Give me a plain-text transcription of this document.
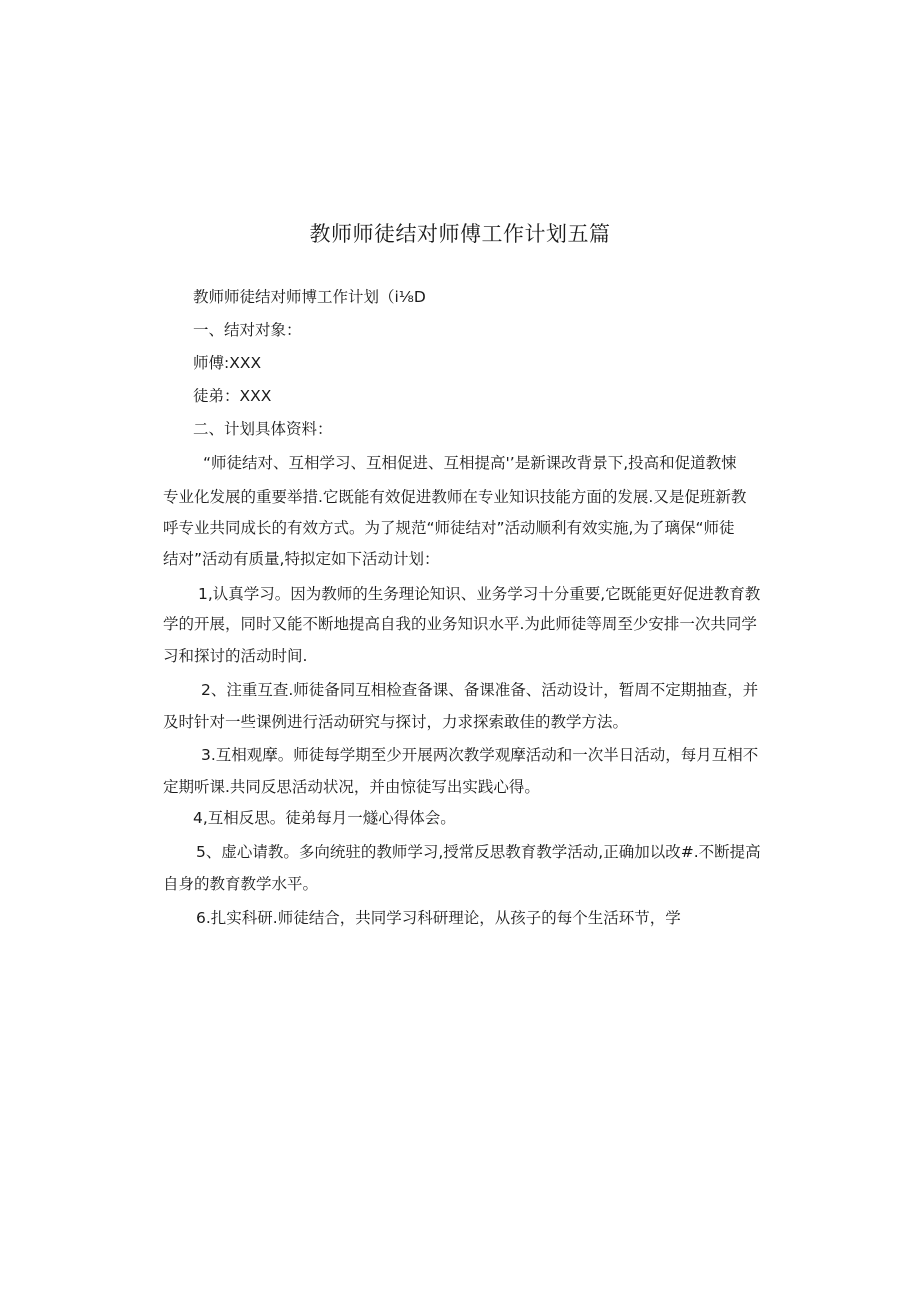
教师师徒结对师傅工作计划五篇
教师师徒结对师博工作计划（i⅛D
一、结对对象：
师傅:XXX
徒弟：XXX
二、计划具体资料：
“师徒结对、互相学习、互相促进、互相提高'’是新课改背景下,投高和促道教悚
专业化发展的重要举措.它既能有效促进教师在专业知识技能方面的发展.又是促班新教
呼专业共同成长的有效方式。为了规范“师徒结对”活动顺利有效实施,为了璃保“师徒
结对”活动有质量,特拟定如下活动计划：
1,认真学习。因为教师的生务理论知识、业务学习十分重要,它既能更好促进教育教
学的开展，同时又能不断地提高自我的业务知识水平.为此师徒等周至少安排一次共同学
习和探讨的活动时间.
2、注重互查.师徒备同互相检查备课、备课准备、活动设计，暂周不定期抽查，并
及时针对一些课例进行活动研究与探讨，力求探索敢佳的教学方法。
3.互相观摩。师徒每学期至少开展两次教学观摩活动和一次半日活动，每月互相不
定期听课.共同反思活动状况，并由惊徒写出实践心得。
4,互相反思。徒弟每月一燧心得体会。
5、虚心请教。多向统驻的教师学习,授常反思教育教学活动,正确加以改#.不断提高
自身的教育教学水平。
6.扎实科研.师徒结合，共同学习科研理论，从孩子的每个生活环节，学
